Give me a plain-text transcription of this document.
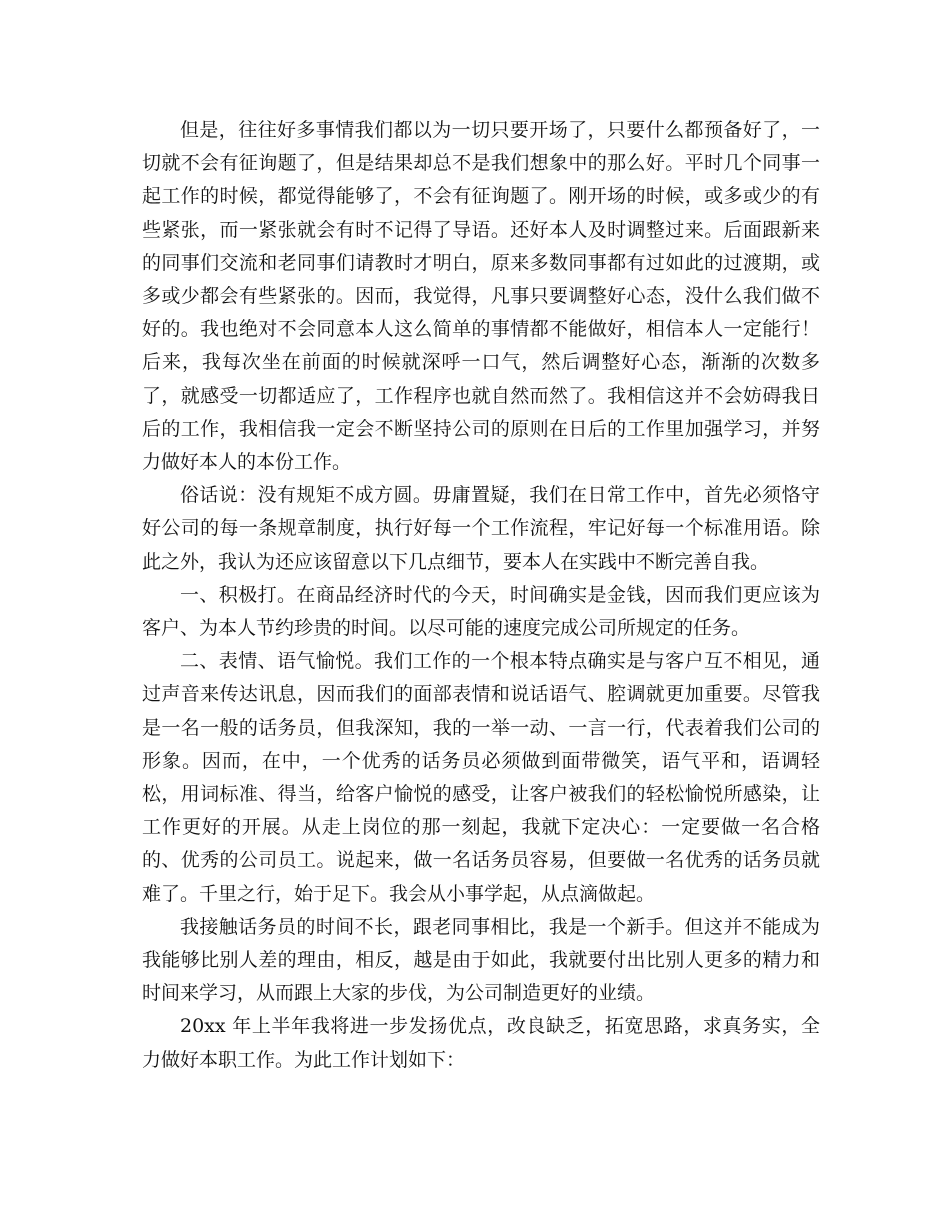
但是，往往好多事情我们都以为一切只要开场了，只要什么都预备好了，一切就不会有征询题了，但是结果却总不是我们想象中的那么好。平时几个同事一起工作的时候，都觉得能够了，不会有征询题了。刚开场的时候，或多或少的有些紧张，而一紧张就会有时不记得了导语。还好本人及时调整过来。后面跟新来的同事们交流和老同事们请教时才明白，原来多数同事都有过如此的过渡期，或多或少都会有些紧张的。因而，我觉得，凡事只要调整好心态，没什么我们做不好的。我也绝对不会同意本人这么简单的事情都不能做好，相信本人一定能行！后来，我每次坐在前面的时候就深呼一口气，然后调整好心态，渐渐的次数多了，就感受一切都适应了，工作程序也就自然而然了。我相信这并不会妨碍我日后的工作，我相信我一定会不断坚持公司的原则在日后的工作里加强学习，并努力做好本人的本份工作。

俗话说：没有规矩不成方圆。毋庸置疑，我们在日常工作中，首先必须恪守好公司的每一条规章制度，执行好每一个工作流程，牢记好每一个标准用语。除此之外，我认为还应该留意以下几点细节，要本人在实践中不断完善自我。

一、积极打。在商品经济时代的今天，时间确实是金钱，因而我们更应该为客户、为本人节约珍贵的时间。以尽可能的速度完成公司所规定的任务。

二、表情、语气愉悦。我们工作的一个根本特点确实是与客户互不相见，通过声音来传达讯息，因而我们的面部表情和说话语气、腔调就更加重要。尽管我是一名一般的话务员，但我深知，我的一举一动、一言一行，代表着我们公司的形象。因而，在中，一个优秀的话务员必须做到面带微笑，语气平和，语调轻松，用词标准、得当，给客户愉悦的感受，让客户被我们的轻松愉悦所感染，让工作更好的开展。从走上岗位的那一刻起，我就下定决心：一定要做一名合格的、优秀的公司员工。说起来，做一名话务员容易，但要做一名优秀的话务员就难了。千里之行，始于足下。我会从小事学起，从点滴做起。

我接触话务员的时间不长，跟老同事相比，我是一个新手。但这并不能成为我能够比别人差的理由，相反，越是由于如此，我就要付出比别人更多的精力和时间来学习，从而跟上大家的步伐，为公司制造更好的业绩。

20xx 年上半年我将进一步发扬优点，改良缺乏，拓宽思路，求真务实，全力做好本职工作。为此工作计划如下：
